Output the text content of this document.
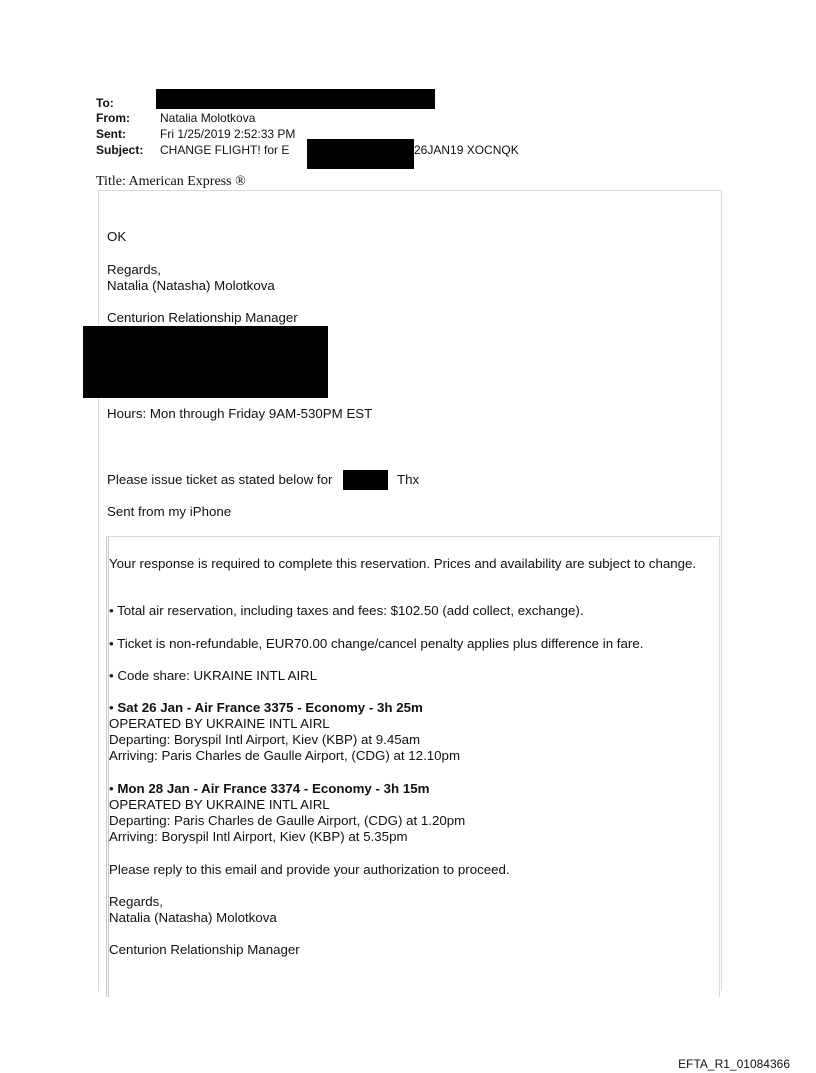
To:
From:	Natalia Molotkova
Sent:	Fri 1/25/2019 2:52:33 PM
Subject: CHANGE FLIGHT! for E	26JAN19 XOCNQK
Title: American Express ®
OK
Regards,
Natalia (Natasha) Molotkova
Centurion Relationship Manager
Hours: Mon through Friday 9AM-530PM EST
Please issue ticket as stated below for	Thx
Sent from my iPhone
Your response is required to complete this reservation. Prices and availability are subject to change.
• Total air reservation, including taxes and fees: $102.50 (add collect, exchange).
• Ticket is non-refundable, EUR70.00 change/cancel penalty applies plus difference in fare.
• Code share: UKRAINE INTL AIRL
• Sat 26 Jan - Air France 3375 - Economy - 3h 25m
OPERATED BY UKRAINE INTL AIRL
Departing: Boryspil Intl Airport, Kiev (KBP) at 9.45am
Arriving: Paris Charles de Gaulle Airport, (CDG) at 12.10pm
• Mon 28 Jan - Air France 3374 - Economy - 3h 15m
OPERATED BY UKRAINE INTL AIRL
Departing: Paris Charles de Gaulle Airport, (CDG) at 1.20pm
Arriving: Boryspil Intl Airport, Kiev (KBP) at 5.35pm
Please reply to this email and provide your authorization to proceed.
Regards,
Natalia (Natasha) Molotkova
Centurion Relationship Manager
EFTA_R1_01084366
